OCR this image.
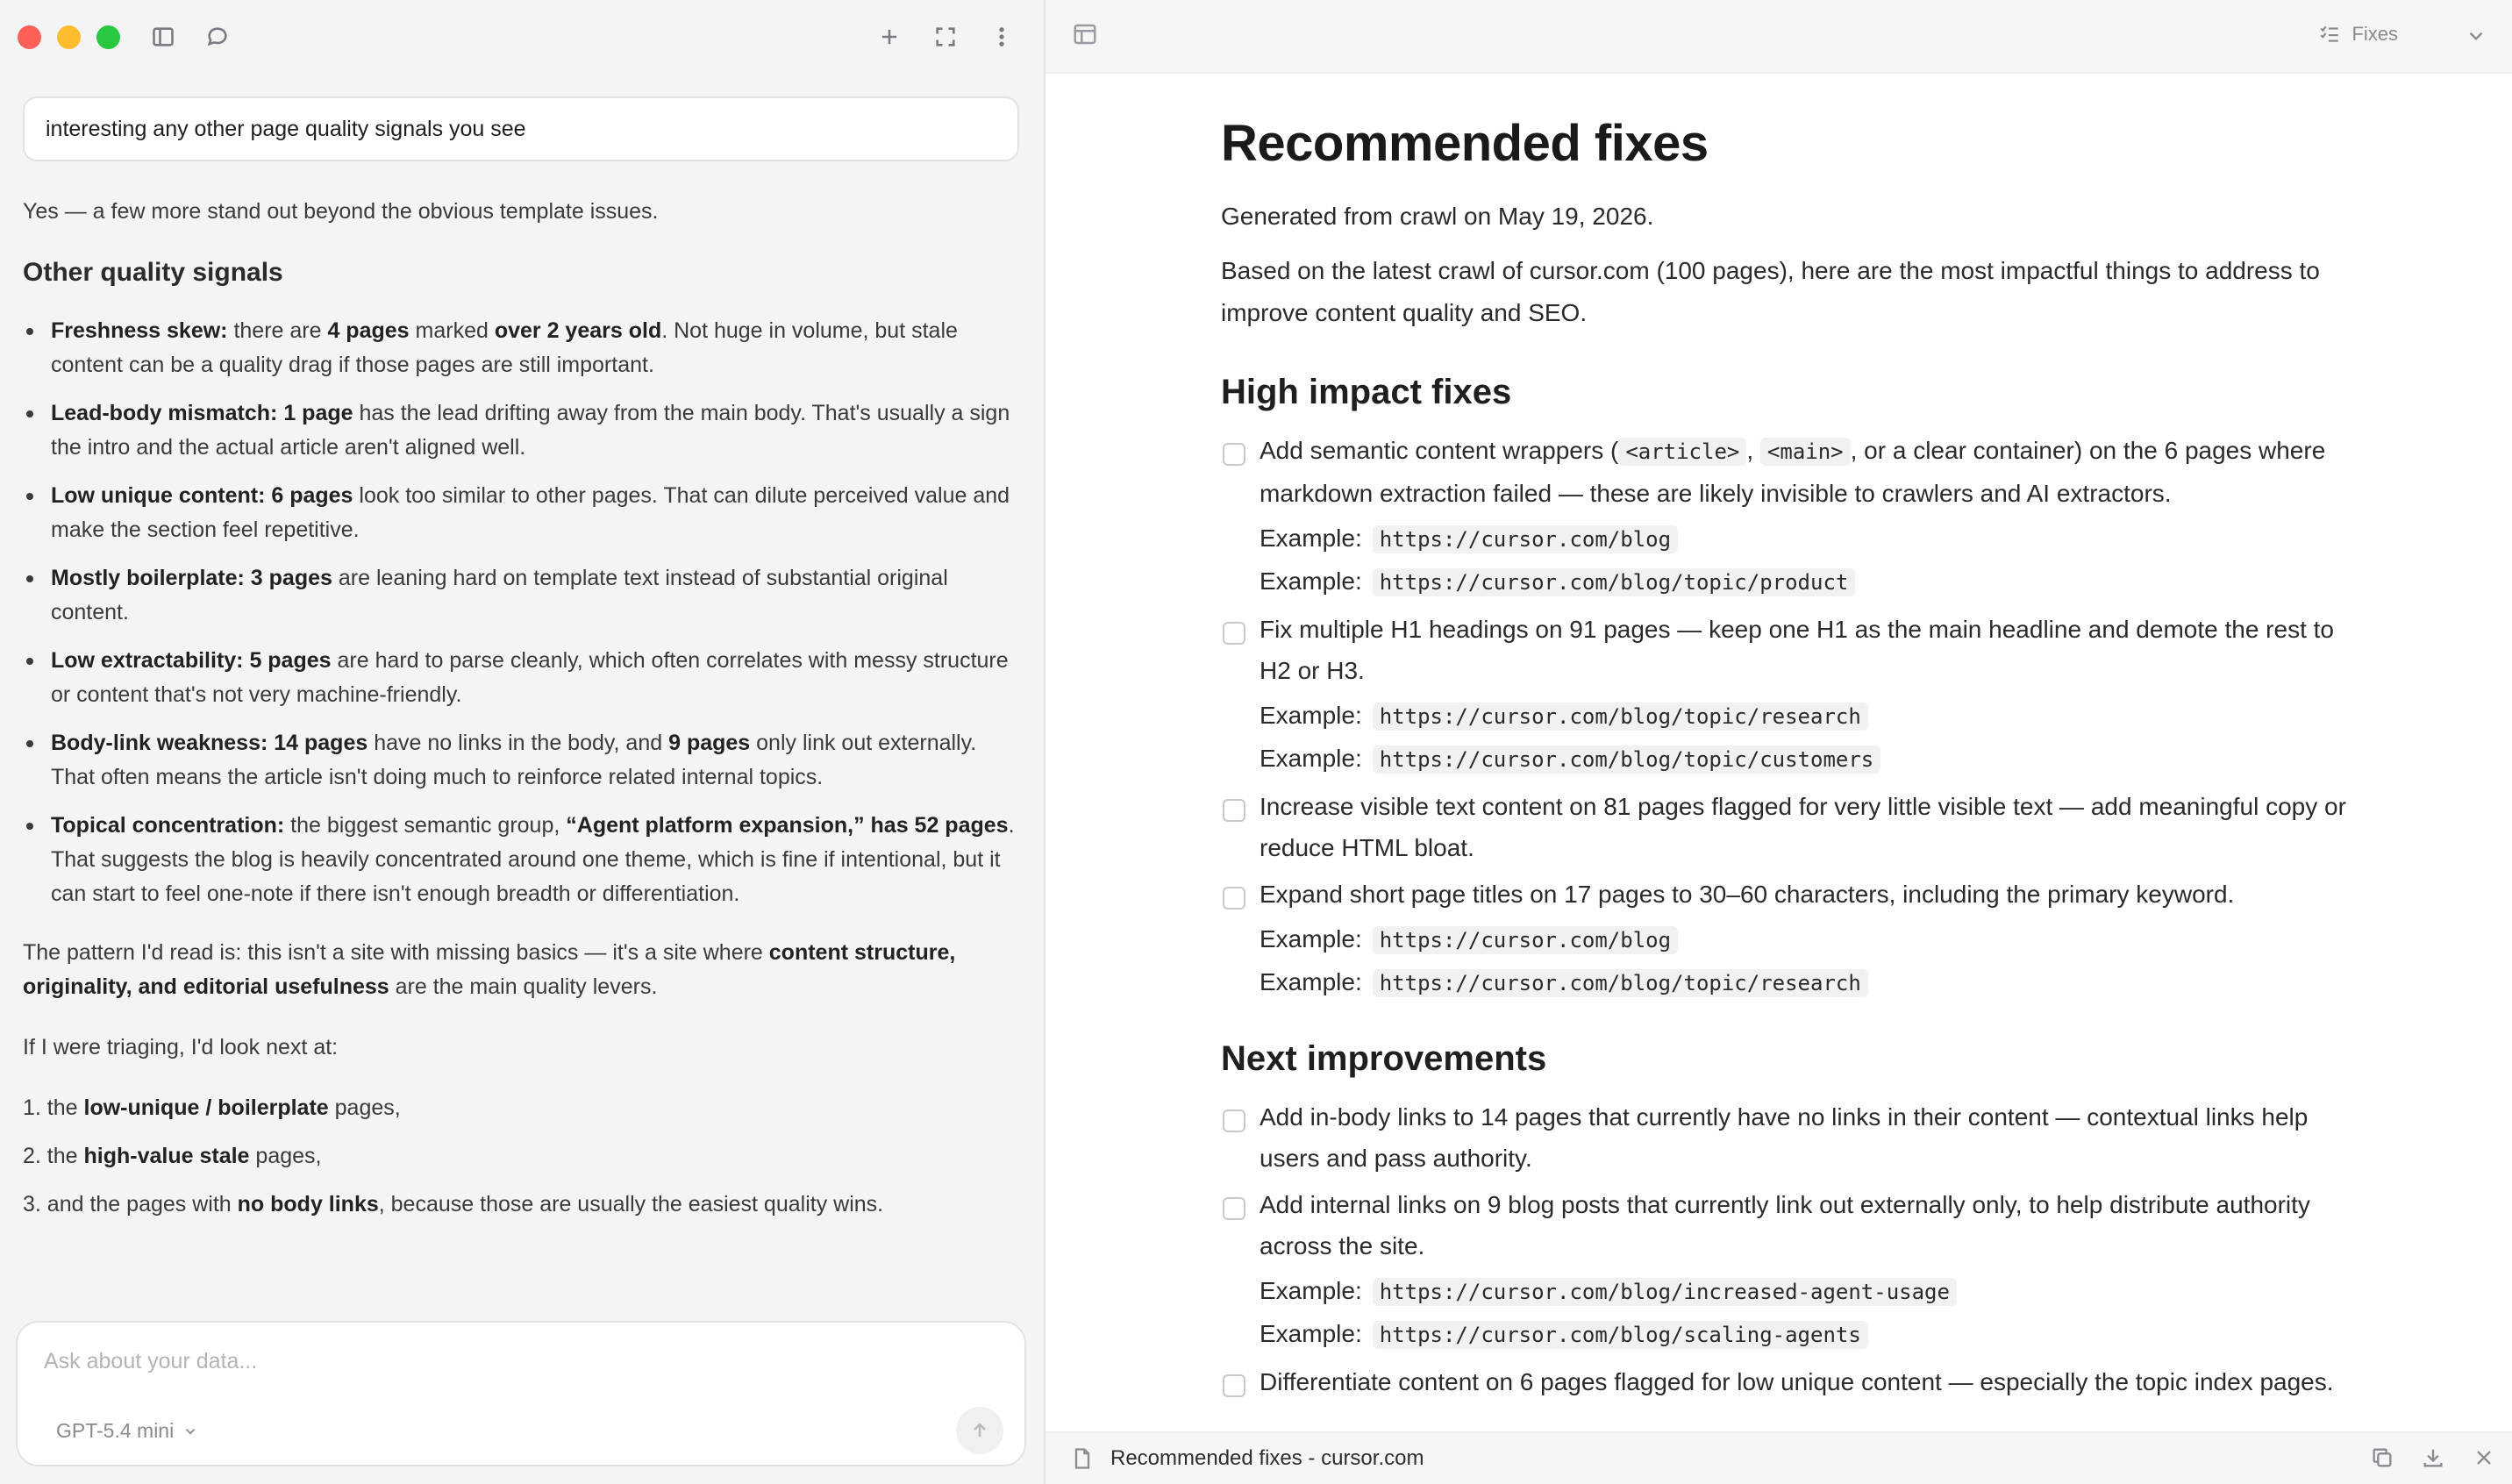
interesting any other page quality signals you see

Yes — a few more stand out beyond the obvious template issues.

Other quality signals
Freshness skew: there are 4 pages marked over 2 years old. Not huge in volume, but stale content can be a quality drag if those pages are still important.
Lead-body mismatch: 1 page has the lead drifting away from the main body. That's usually a sign the intro and the actual article aren't aligned well.
Low unique content: 6 pages look too similar to other pages. That can dilute perceived value and make the section feel repetitive.
Mostly boilerplate: 3 pages are leaning hard on template text instead of substantial original content.
Low extractability: 5 pages are hard to parse cleanly, which often correlates with messy structure or content that's not very machine-friendly.
Body-link weakness: 14 pages have no links in the body, and 9 pages only link out externally. That often means the article isn't doing much to reinforce related internal topics.
Topical concentration: the biggest semantic group, “Agent platform expansion,” has 52 pages. That suggests the blog is heavily concentrated around one theme, which is fine if intentional, but it can start to feel one-note if there isn't enough breadth or differentiation.

The pattern I'd read is: this isn't a site with missing basics — it's a site where content structure, originality, and editorial usefulness are the main quality levers.

If I were triaging, I'd look next at:

1. the low-unique / boilerplate pages,
2. the high-value stale pages,
3. and the pages with no body links, because those are usually the easiest quality wins.
Ask about your data...
GPT-5.4 mini
Fixes
Recommended fixes

Generated from crawl on May 19, 2026.

Based on the latest crawl of cursor.com (100 pages), here are the most impactful things to address to improve content quality and SEO.

High impact fixes
Add semantic content wrappers ( <article> , <main> , or a clear container) on the 6 pages where markdown extraction failed — these are likely invisible to crawlers and AI extractors.
Example: https://cursor.com/blog
Example: https://cursor.com/blog/topic/product
Fix multiple H1 headings on 91 pages — keep one H1 as the main headline and demote the rest to H2 or H3.
Example: https://cursor.com/blog/topic/research
Example: https://cursor.com/blog/topic/customers
Increase visible text content on 81 pages flagged for very little visible text — add meaningful copy or reduce HTML bloat.
Expand short page titles on 17 pages to 30–60 characters, including the primary keyword.
Example: https://cursor.com/blog
Example: https://cursor.com/blog/topic/research
Next improvements
Add in-body links to 14 pages that currently have no links in their content — contextual links help users and pass authority.
Add internal links on 9 blog posts that currently link out externally only, to help distribute authority across the site.
Example: https://cursor.com/blog/increased-agent-usage
Example: https://cursor.com/blog/scaling-agents
Differentiate content on 6 pages flagged for low unique content — especially the topic index pages.
Recommended fixes - cursor.com
